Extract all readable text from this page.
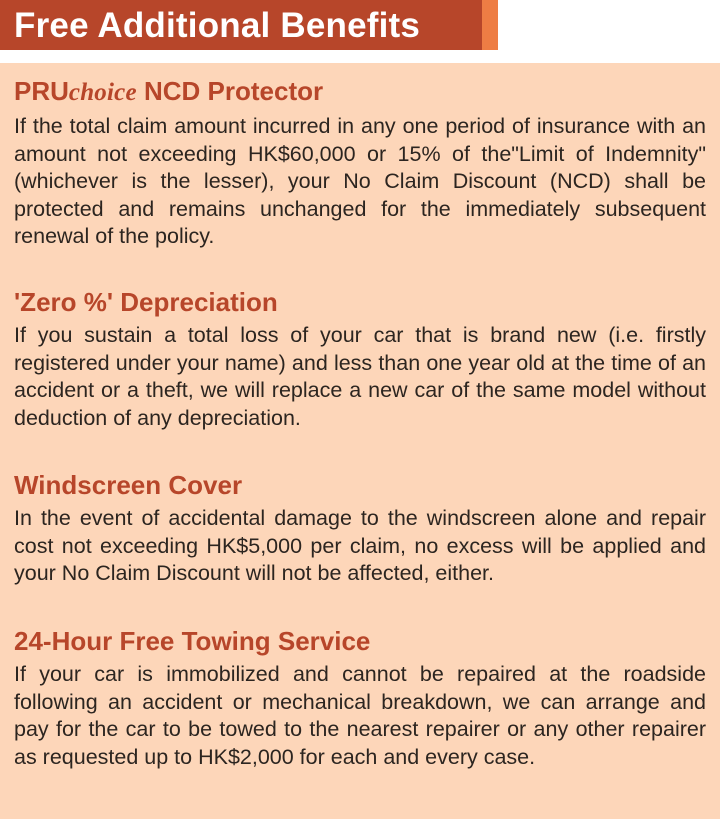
Free Additional Benefits
PRUchoice NCD Protector

If the total claim amount incurred in any one period of insurance with an amount not exceeding HK$60,000 or 15% of the"Limit of Indemnity" (whichever is the lesser), your No Claim Discount (NCD) shall be protected and remains unchanged for the immediately subsequent renewal of the policy.

'Zero %' Depreciation

If you sustain a total loss of your car that is brand new (i.e. firstly registered under your name) and less than one year old at the time of an accident or a theft, we will replace a new car of the same model without deduction of any depreciation.

Windscreen Cover

In the event of accidental damage to the windscreen alone and repair cost not exceeding HK$5,000 per claim, no excess will be applied and your No Claim Discount will not be affected, either.

24-Hour Free Towing Service

If your car is immobilized and cannot be repaired at the roadside following an accident or mechanical breakdown, we can arrange and pay for the car to be towed to the nearest repairer or any other repairer as requested up to HK$2,000 for each and every case.
